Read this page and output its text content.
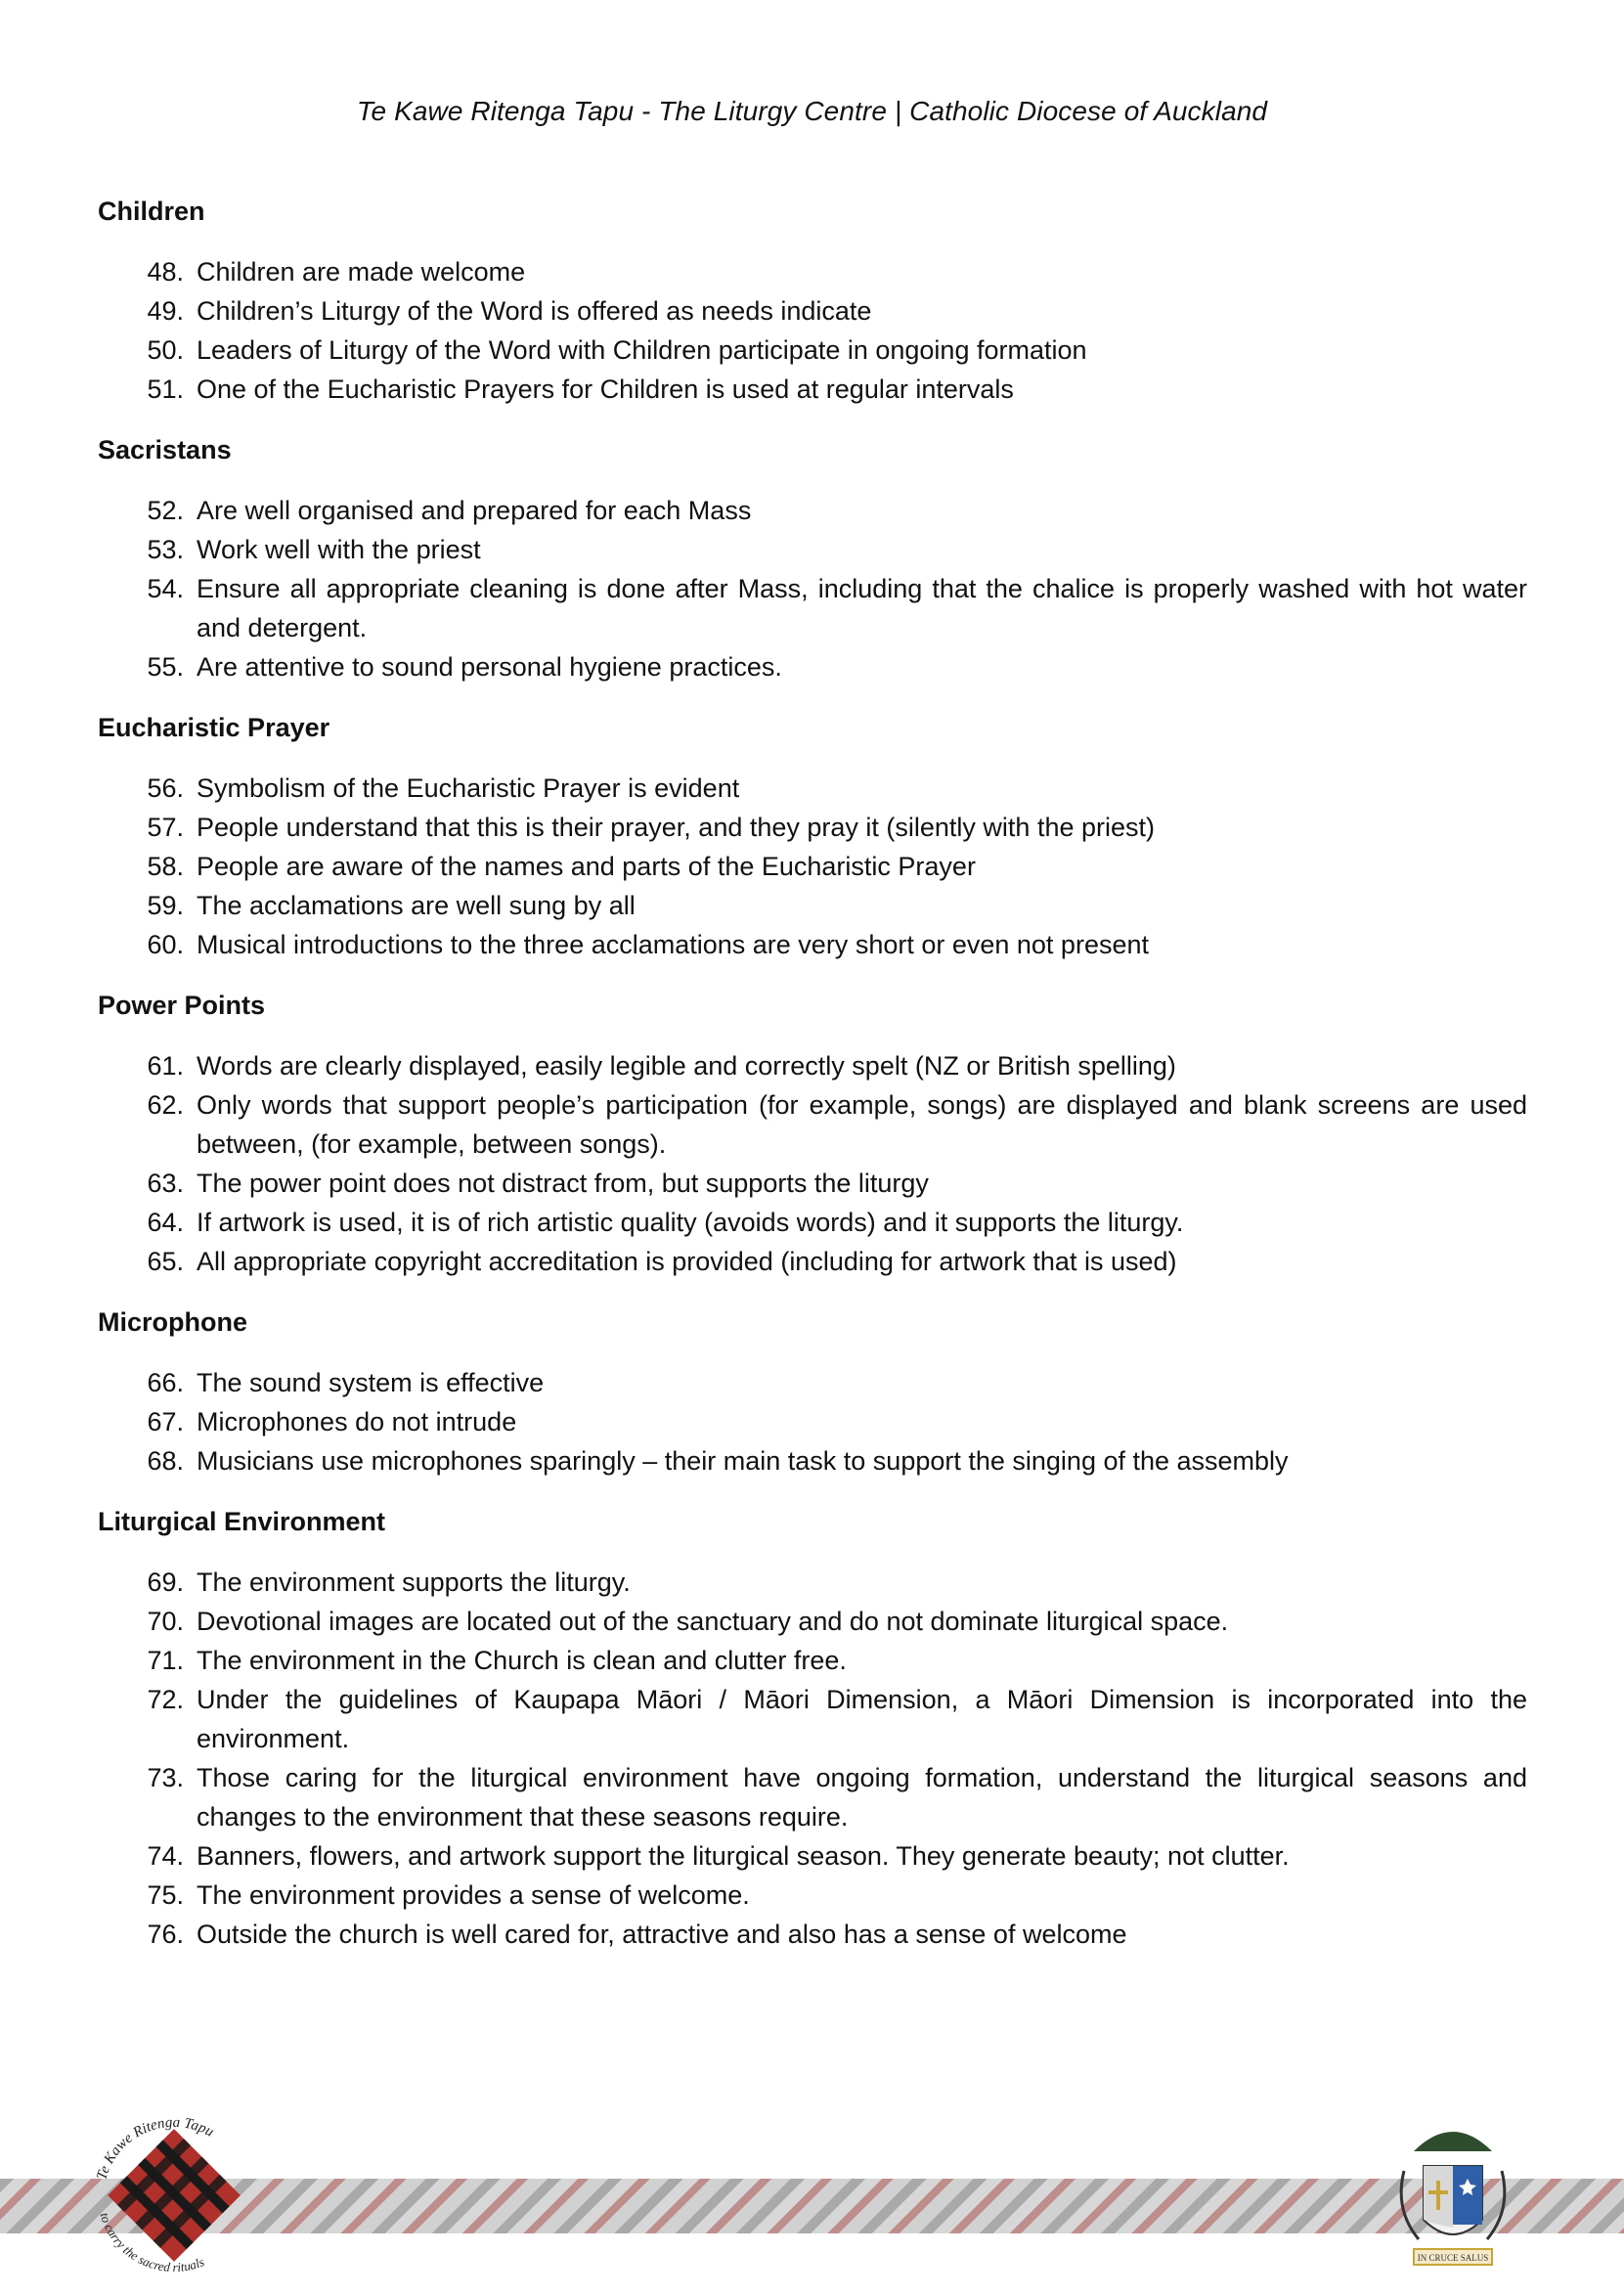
Te Kawe Ritenga Tapu - The Liturgy Centre | Catholic Diocese of Auckland
Children
48. Children are made welcome
49. Children’s Liturgy of the Word is offered as needs indicate
50. Leaders of Liturgy of the Word with Children participate in ongoing formation
51. One of the Eucharistic Prayers for Children is used at regular intervals
Sacristans
52. Are well organised and prepared for each Mass
53. Work well with the priest
54. Ensure all appropriate cleaning is done after Mass, including that the chalice is properly washed with hot water and detergent.
55. Are attentive to sound personal hygiene practices.
Eucharistic Prayer
56. Symbolism of the Eucharistic Prayer is evident
57. People understand that this is their prayer, and they pray it (silently with the priest)
58. People are aware of the names and parts of the Eucharistic Prayer
59. The acclamations are well sung by all
60. Musical introductions to the three acclamations are very short or even not present
Power Points
61. Words are clearly displayed, easily legible and correctly spelt (NZ or British spelling)
62. Only words that support people’s participation (for example, songs) are displayed and blank screens are used between, (for example, between songs).
63. The power point does not distract from, but supports the liturgy
64. If artwork is used, it is of rich artistic quality (avoids words) and it supports the liturgy.
65. All appropriate copyright accreditation is provided (including for artwork that is used)
Microphone
66. The sound system is effective
67. Microphones do not intrude
68. Musicians use microphones sparingly – their main task to support the singing of the assembly
Liturgical Environment
69. The environment supports the liturgy.
70. Devotional images are located out of the sanctuary and do not dominate liturgical space.
71. The environment in the Church is clean and clutter free.
72. Under the guidelines of Kaupapa Māori / Māori Dimension, a Māori Dimension is incorporated into the environment.
73. Those caring for the liturgical environment have ongoing formation, understand the liturgical seasons and changes to the environment that these seasons require.
74. Banners, flowers, and artwork support the liturgical season. They generate beauty; not clutter.
75. The environment provides a sense of welcome.
76. Outside the church is well cared for, attractive and also has a sense of welcome
Te Kawe Ritenga Tapu
to carry the sacred rituals	IN CRUCE SALUS
